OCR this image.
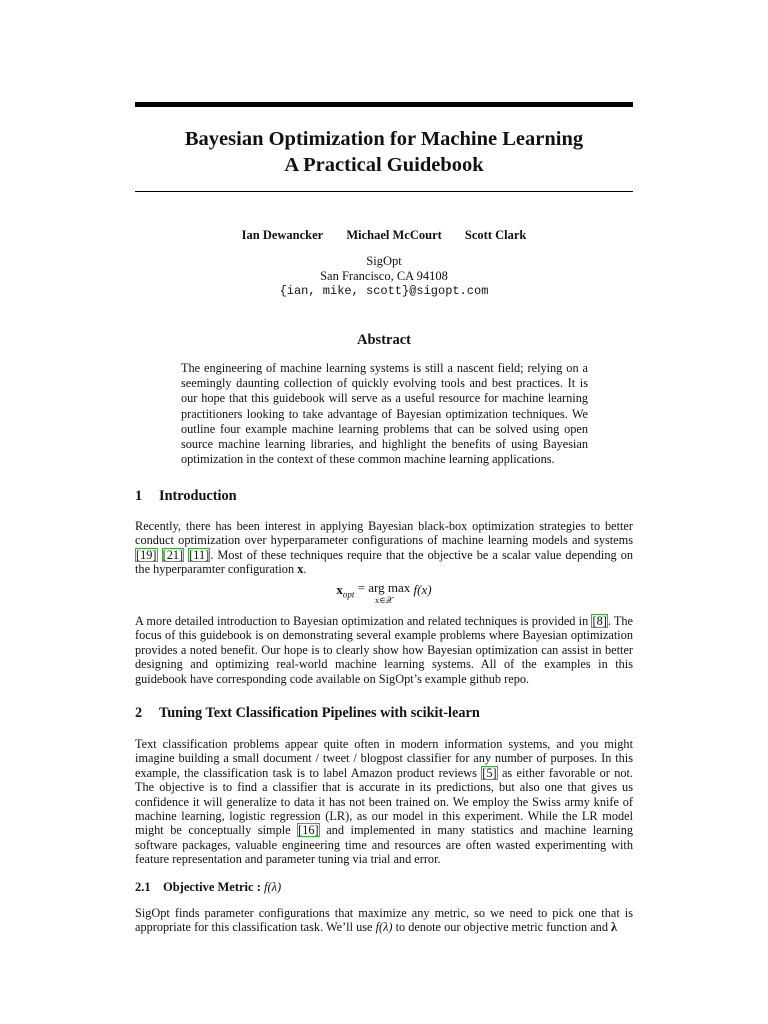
Bayesian Optimization for Machine Learning
A Practical Guidebook
Ian Dewancker Michael McCourt Scott Clark
SigOpt
San Francisco, CA 94108
{ian, mike, scott}@sigopt.com
Abstract
The engineering of machine learning systems is still a nascent field; relying on a seemingly daunting collection of quickly evolving tools and best practices. It is our hope that this guidebook will serve as a useful resource for machine learning practitioners looking to take advantage of Bayesian optimization techniques. We outline four example machine learning problems that can be solved using open source machine learning libraries, and highlight the benefits of using Bayesian optimization in the context of these common machine learning applications.
1 Introduction
Recently, there has been interest in applying Bayesian black-box optimization strategies to better conduct optimization over hyperparameter configurations of machine learning models and systems [19] [21] [11]. Most of these techniques require that the objective be a scalar value depending on the hyperparamter configuration x.
$x_{opt}$ = arg max
x∈𝒳
f(x)
A more detailed introduction to Bayesian optimization and related techniques is provided in [8]. The focus of this guidebook is on demonstrating several example problems where Bayesian optimization provides a noted benefit. Our hope is to clearly show how Bayesian optimization can assist in better designing and optimizing real-world machine learning systems. All of the examples in this guidebook have corresponding code available on SigOpt’s example github repo.
2 Tuning Text Classification Pipelines with scikit-learn
Text classification problems appear quite often in modern information systems, and you might imagine building a small document / tweet / blogpost classifier for any number of purposes. In this example, the classification task is to label Amazon product reviews [5] as either favorable or not. The objective is to find a classifier that is accurate in its predictions, but also one that gives us confidence it will generalize to data it has not been trained on. We employ the Swiss army knife of machine learning, logistic regression (LR), as our model in this experiment. While the LR model might be conceptually simple [16] and implemented in many statistics and machine learning software packages, valuable engineering time and resources are often wasted experimenting with feature representation and parameter tuning via trial and error.
2.1 Objective Metric : f(λ)
SigOpt finds parameter configurations that maximize any metric, so we need to pick one that is appropriate for this classification task. We’ll use f(λ) to denote our objective metric function and λ
